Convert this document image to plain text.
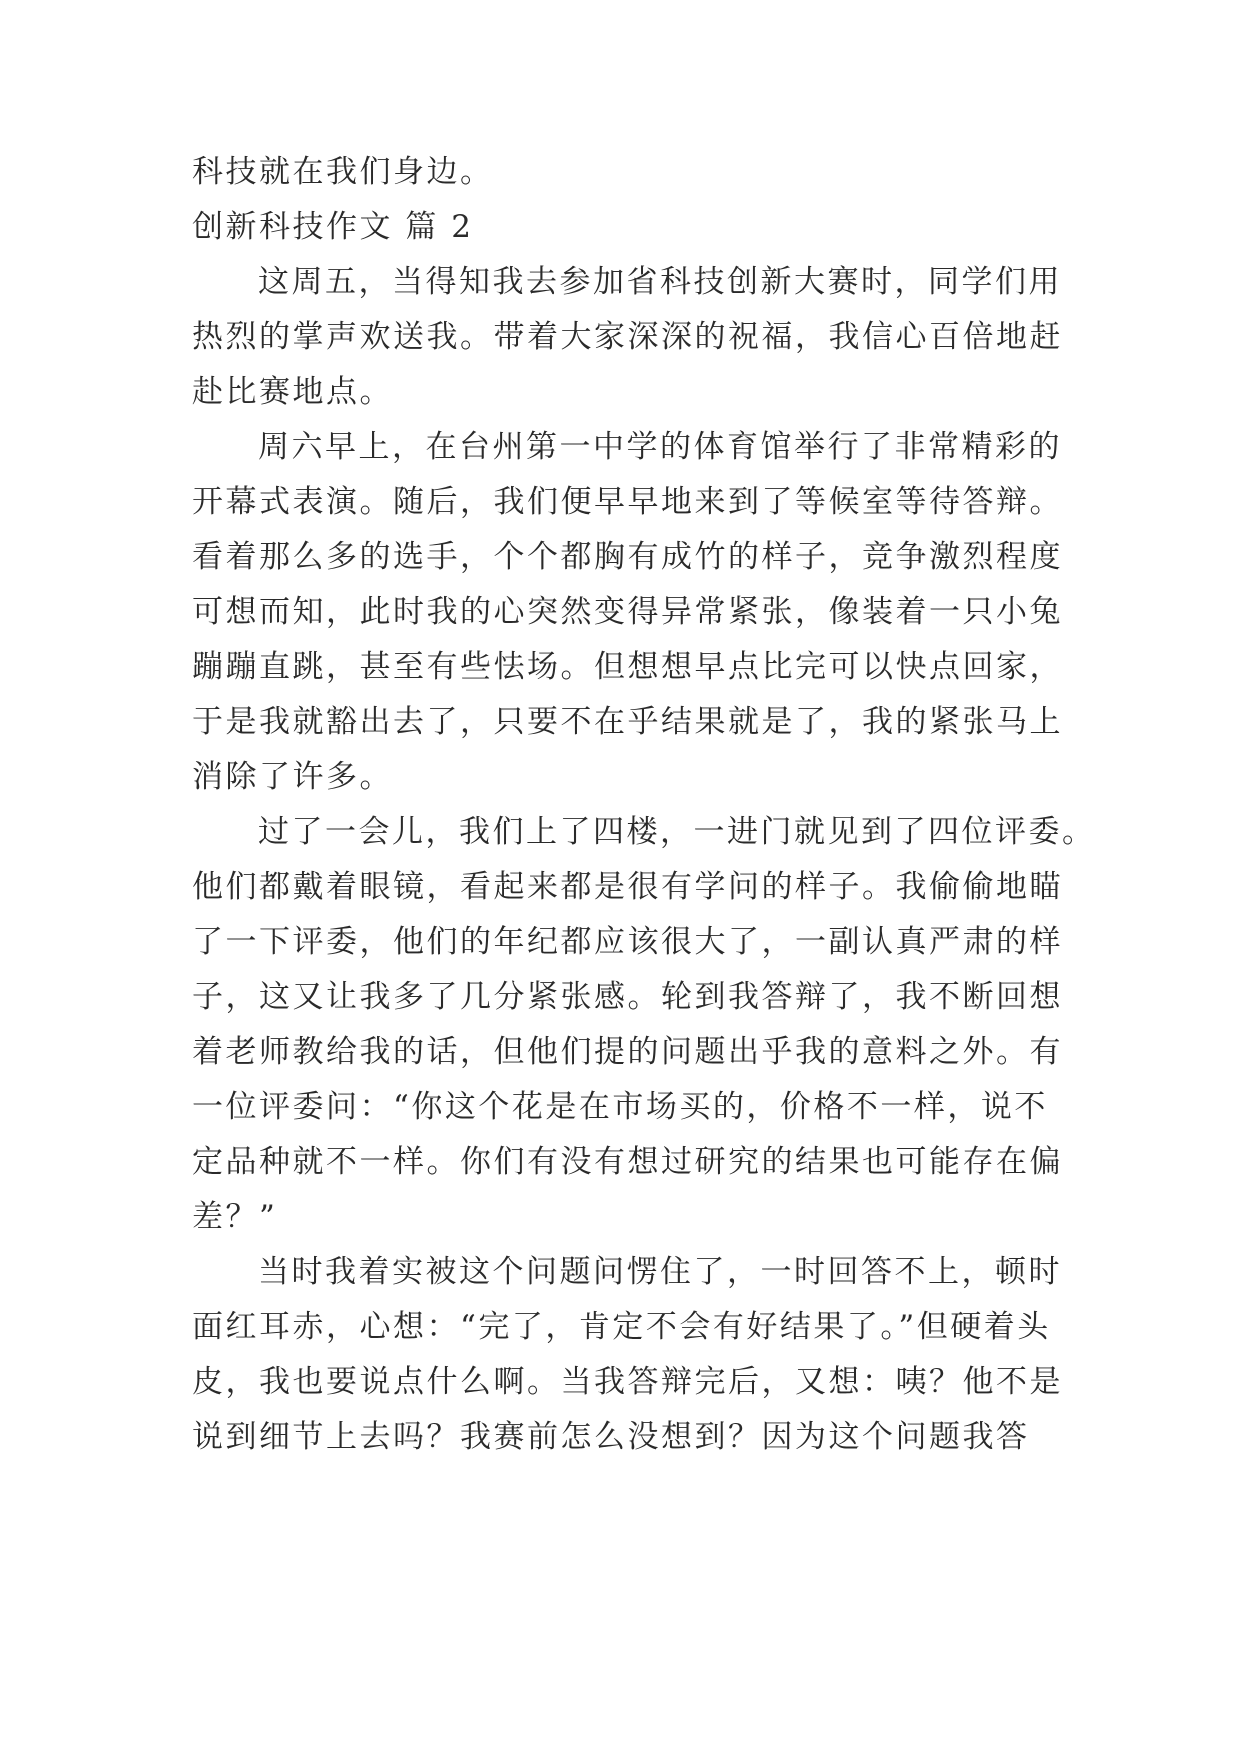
科技就在我们身边。
创新科技作文 篇 2
这周五，当得知我去参加省科技创新大赛时，同学们用
热烈的掌声欢送我。带着大家深深的祝福，我信心百倍地赶
赴比赛地点。
周六早上，在台州第一中学的体育馆举行了非常精彩的
开幕式表演。随后，我们便早早地来到了等候室等待答辩。
看着那么多的选手，个个都胸有成竹的样子，竞争激烈程度
可想而知，此时我的心突然变得异常紧张，像装着一只小兔
蹦蹦直跳，甚至有些怯场。但想想早点比完可以快点回家，
于是我就豁出去了，只要不在乎结果就是了，我的紧张马上
消除了许多。
过了一会儿，我们上了四楼，一进门就见到了四位评委。
他们都戴着眼镜，看起来都是很有学问的样子。我偷偷地瞄
了一下评委，他们的年纪都应该很大了，一副认真严肃的样
子，这又让我多了几分紧张感。轮到我答辩了，我不断回想
着老师教给我的话，但他们提的问题出乎我的意料之外。有
一位评委问：“你这个花是在市场买的，价格不一样，说不
定品种就不一样。你们有没有想过研究的结果也可能存在偏
差？”
当时我着实被这个问题问愣住了，一时回答不上，顿时
面红耳赤，心想：“完了，肯定不会有好结果了。”但硬着头
皮，我也要说点什么啊。当我答辩完后，又想：咦？他不是
说到细节上去吗？我赛前怎么没想到？因为这个问题我答
